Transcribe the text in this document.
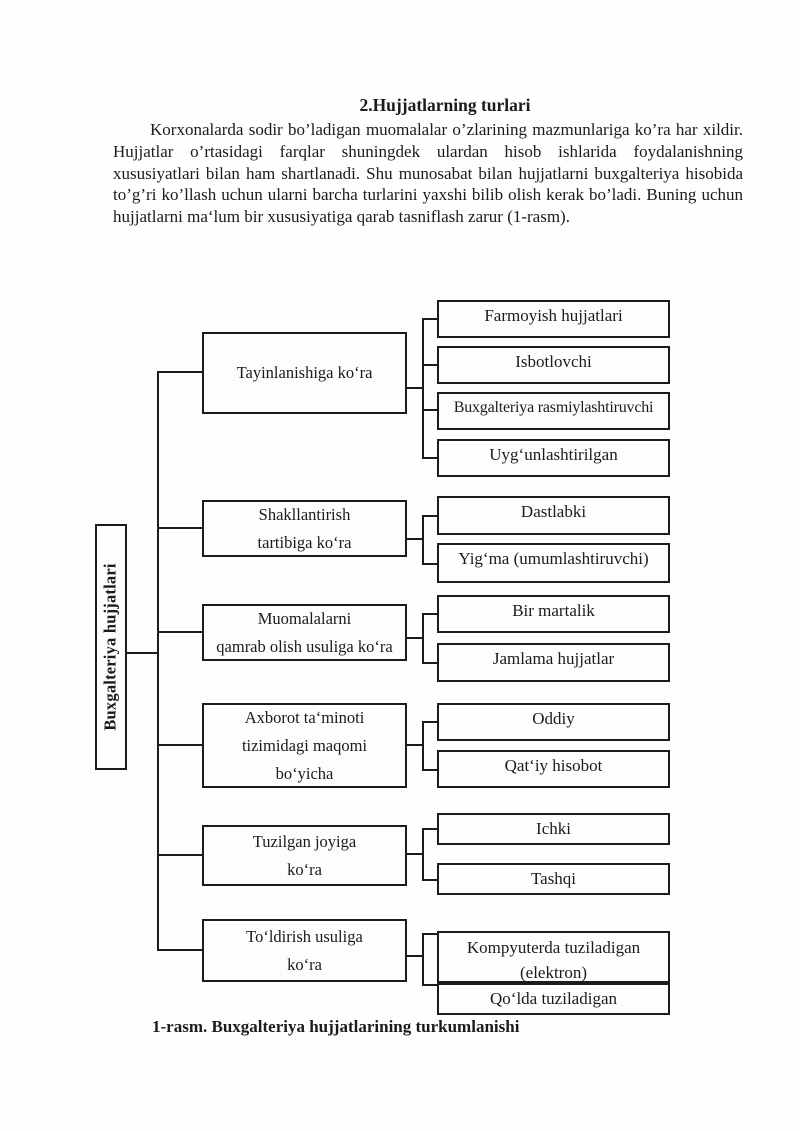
2.Hujjatlarning turlari

Korxonalarda sodir bo’ladigan muomalalar o’zlarining mazmunlariga ko’ra har xildir. Hujjatlar o’rtasidagi farqlar shuningdek ulardan hisob ishlarida foydalanishning xususiyatlari bilan ham shartlanadi. Shu munosabat bilan hujjatlarni buxgalteriya hisobida to’g’ri ko’llash uchun ularni barcha turlarini yaxshi bilib olish kerak bo’ladi. Buning uchun hujjatlarni maʻlum bir xususiyatiga qarab tasniflash zarur (1-rasm).

Buxgalteriya hujjatlari
Tayinlanishiga koʻra
Farmoyish hujjatlari
Isbotlovchi
Buxgalteriya rasmiylashtiruvchi
Uygʻunlashtirilgan
Shakllantirish
tartibiga koʻra
Dastlabki
Yigʻma (umumlashtiruvchi)
Muomalalarni
qamrab olish usuliga koʻra
Bir martalik
Jamlama hujjatlar
Axborot taʻminoti
tizimidagi maqomi
boʻyicha
Oddiy
Qatʻiy hisobot
Tuzilgan joyiga
koʻra
Ichki
Tashqi
Toʻldirish usuliga
koʻra
Kompyuterda tuziladigan
(elektron)
Qoʻlda tuziladigan

1-rasm. Buxgalteriya hujjatlarining turkumlanishi
